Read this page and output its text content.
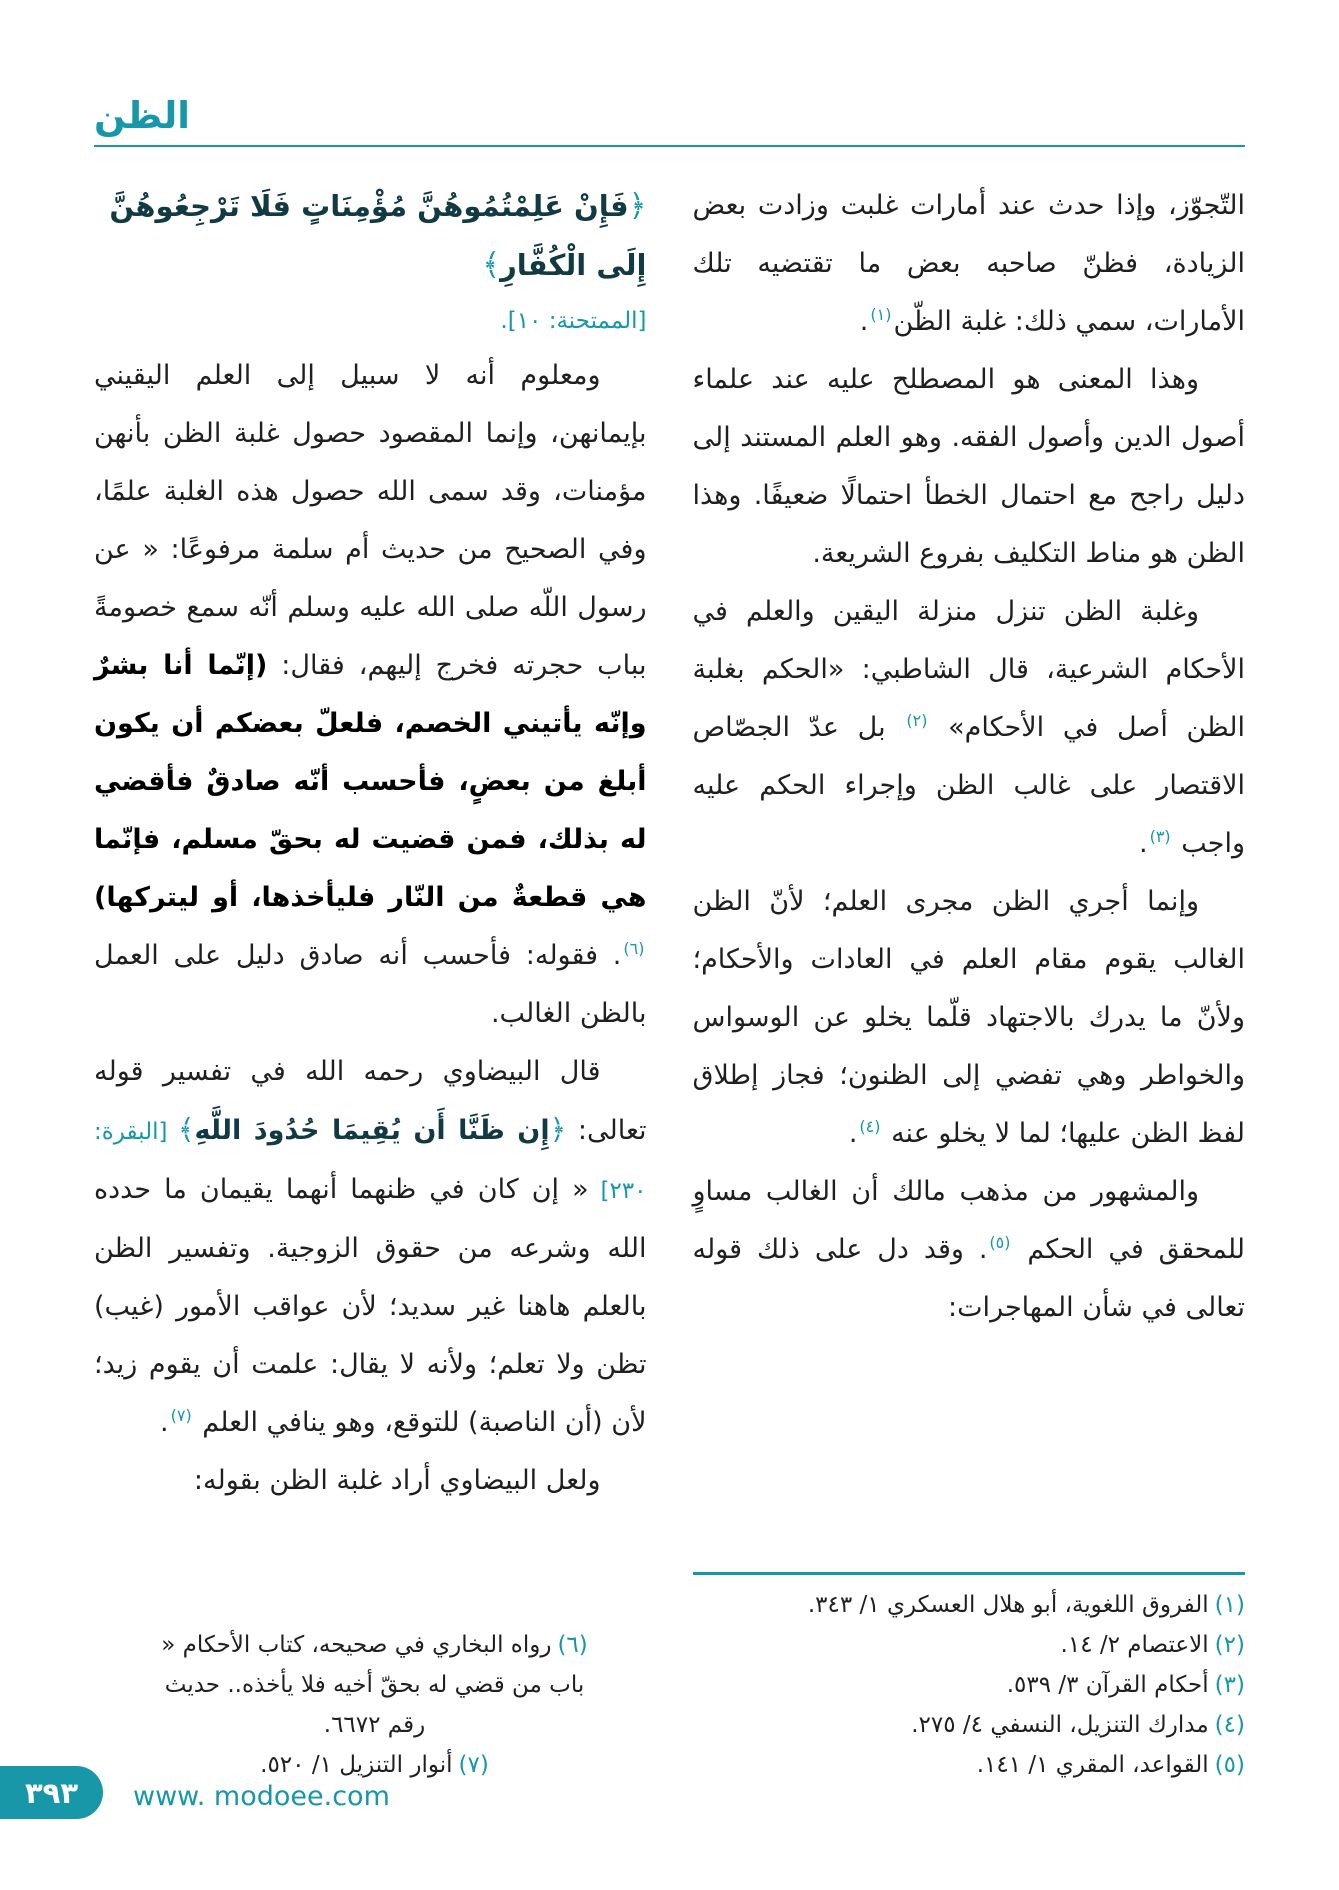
الظن

التّجوّز، وإذا حدث عند أمارات غلبت وزادت بعض الزيادة، فظنّ صاحبه بعض ما تقتضيه تلك الأمارات، سمي ذلك: غلبة الظّن$^{(١)}$.

وهذا المعنى هو المصطلح عليه عند علماء أصول الدين وأصول الفقه. وهو العلم المستند إلى دليل راجح مع احتمال الخطأ احتمالًا ضعيفًا. وهذا الظن هو مناط التكليف بفروع الشريعة.

وغلبة الظن تنزل منزلة اليقين والعلم في الأحكام الشرعية، قال الشاطبي: «الحكم بغلبة الظن أصل في الأحكام» $^{(٢)}$ بل عدّ الجصّاص الاقتصار على غالب الظن وإجراء الحكم عليه واجب $^{(٣)}$.

وإنما أجري الظن مجرى العلم؛ لأنّ الظن الغالب يقوم مقام العلم في العادات والأحكام؛ ولأنّ ما يدرك بالاجتهاد قلّما يخلو عن الوسواس والخواطر وهي تفضي إلى الظنون؛ فجاز إطلاق لفظ الظن عليها؛ لما لا يخلو عنه $^{(٤)}$.

والمشهور من مذهب مالك أن الغالب مساوٍ للمحقق في الحكم $^{(٥)}$. وقد دل على ذلك قوله تعالى في شأن المهاجرات:

(١)الفروق اللغوية، أبو هلال العسكري ١/ ٣٤٣.
(٢)الاعتصام ٢/ ١٤.
(٣)أحكام القرآن ٣/ ٥٣٩.
(٤)مدارك التنزيل، النسفي ٤/ ٢٧٥.
(٥)القواعد، المقري ١/ ١٤١.
﴿فَإِنْ عَلِمْتُمُوهُنَّ مُؤْمِنَاتٍ فَلَا تَرْجِعُوهُنَّ إِلَى الْكُفَّارِ﴾
[الممتحنة: ١٠].

ومعلوم أنه لا سبيل إلى العلم اليقيني بإيمانهن، وإنما المقصود حصول غلبة الظن بأنهن مؤمنات، وقد سمى الله حصول هذه الغلبة علمًا، وفي الصحيح من حديث أم سلمة مرفوعًا: « عن رسول اللّه صلى الله عليه وسلم أنّه سمع خصومةً بباب حجرته فخرج إليهم، فقال: (إنّما أنا بشرٌ وإنّه يأتيني الخصم، فلعلّ بعضكم أن يكون أبلغ من بعضٍ، فأحسب أنّه صادقٌ فأقضي له بذلك، فمن قضيت له بحقّ مسلم، فإنّما هي قطعةٌ من النّار فليأخذها، أو ليتركها) $^{(٦)}$. فقوله: فأحسب أنه صادق دليل على العمل بالظن الغالب.

قال البيضاوي رحمه الله في تفسير قوله تعالى: ﴿إِن ظَنَّا أَن يُقِيمَا حُدُودَ اللَّهِ﴾ [البقرة: ٢٣٠] « إن كان في ظنهما أنهما يقيمان ما حدده الله وشرعه من حقوق الزوجية. وتفسير الظن بالعلم هاهنا غير سديد؛ لأن عواقب الأمور (غيب) تظن ولا تعلم؛ ولأنه لا يقال: علمت أن يقوم زيد؛ لأن (أن الناصبة) للتوقع، وهو ينافي العلم $^{(٧)}$.

ولعل البيضاوي أراد غلبة الظن بقوله:

(٦)رواه البخاري في صحيحه، كتاب الأحكام « باب من قضي له بحقّ أخيه فلا يأخذه.. حديث رقم ٦٦٧٢.
(٧)أنوار التنزيل ١/ ٥٢٠.
٣٩٣ www. modoee.com
